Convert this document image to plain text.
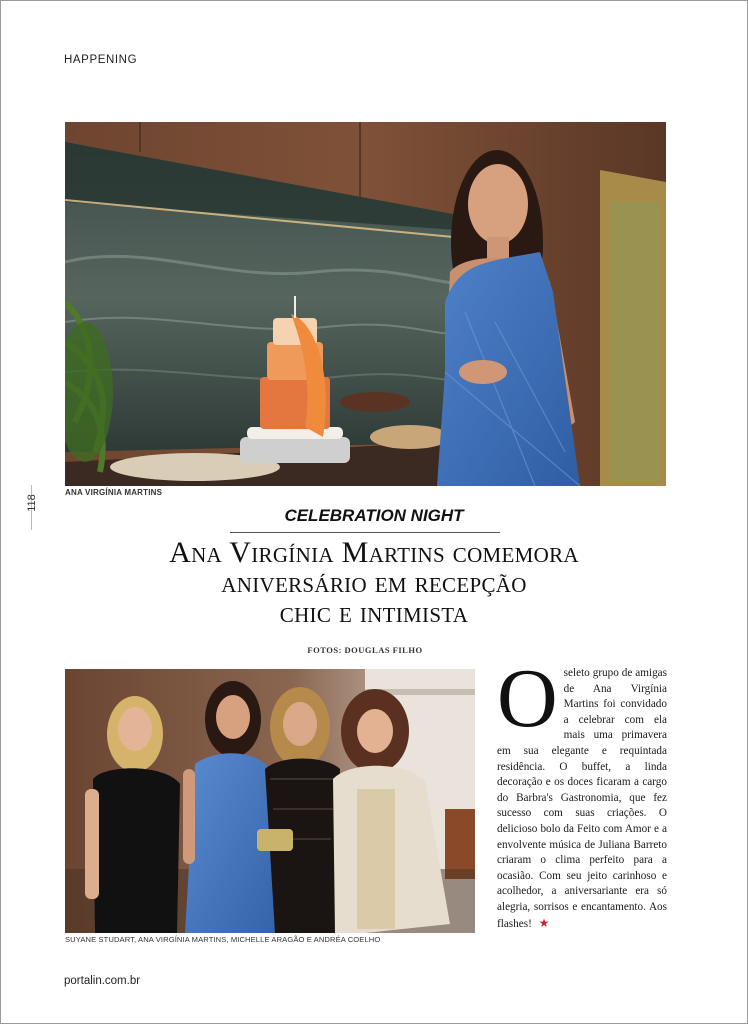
HAPPENING
118
ANA VIRGÍNIA MARTINS
CELEBRATION NIGHT
Ana Virgínia Martins comemora
aniversário em recepção
chic e intimista
FOTOS: DOUGLAS FILHO
SUYANE STUDART, ANA VIRGÍNIA MARTINS, MICHELLE ARAGÃO E ANDRÉA COELHO
O seleto grupo de amigas de Ana Virgínia Martins foi convidado a celebrar com ela mais uma primavera em sua elegante e requintada residência. O buffet, a linda decoração e os doces ficaram a cargo do Barbra's Gastronomia, que fez sucesso com suas criações. O delicioso bolo da Feito com Amor e a envolvente música de Juliana Barreto criaram o clima perfeito para a ocasião. Com seu jeito carinhoso e acolhedor, a aniversariante era só alegria, sorrisos e encantamento. Aos flashes! ★
portalin.com.br
